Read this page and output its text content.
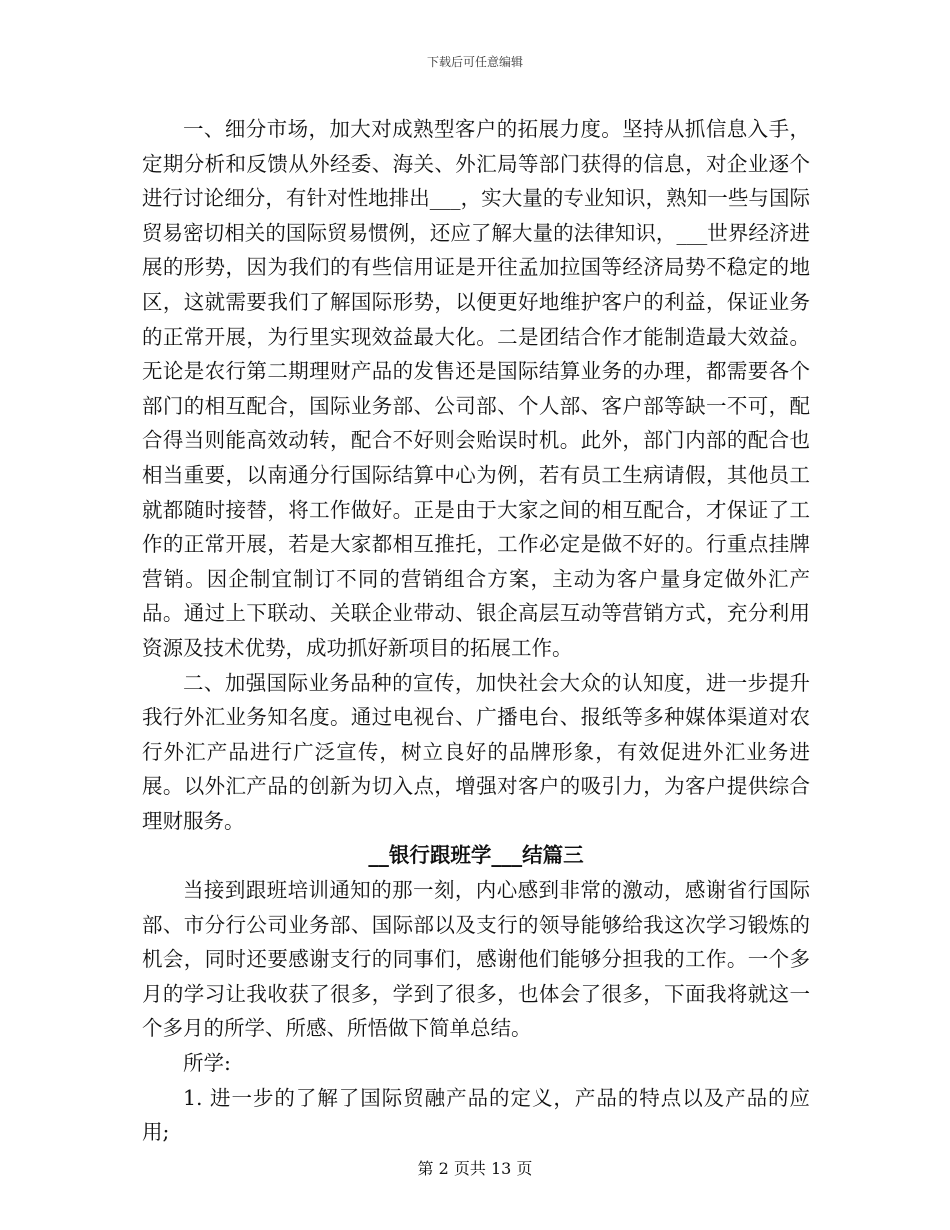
下载后可任意编辑

一、细分市场，加大对成熟型客户的拓展力度。坚持从抓信息入手，定期分析和反馈从外经委、海关、外汇局等部门获得的信息，对企业逐个进行讨论细分，有针对性地排出___，实大量的专业知识，熟知一些与国际贸易密切相关的国际贸易惯例，还应了解大量的法律知识，___世界经济进展的形势，因为我们的有些信用证是开往孟加拉国等经济局势不稳定的地区，这就需要我们了解国际形势，以便更好地维护客户的利益，保证业务的正常开展，为行里实现效益最大化。二是团结合作才能制造最大效益。无论是农行第二期理财产品的发售还是国际结算业务的办理，都需要各个部门的相互配合，国际业务部、公司部、个人部、客户部等缺一不可，配合得当则能高效动转，配合不好则会贻误时机。此外，部门内部的配合也相当重要，以南通分行国际结算中心为例，若有员工生病请假，其他员工就都随时接替，将工作做好。正是由于大家之间的相互配合，才保证了工作的正常开展，若是大家都相互推托，工作必定是做不好的。行重点挂牌营销。因企制宜制订不同的营销组合方案，主动为客户量身定做外汇产品。通过上下联动、关联企业带动、银企高层互动等营销方式，充分利用资源及技术优势，成功抓好新项目的拓展工作。

二、加强国际业务品种的宣传，加快社会大众的认知度，进一步提升我行外汇业务知名度。通过电视台、广播电台、报纸等多种媒体渠道对农行外汇产品进行广泛宣传，树立良好的品牌形象，有效促进外汇业务进展。以外汇产品的创新为切入点，增强对客户的吸引力，为客户提供综合理财服务。

__银行跟班学___结篇三

当接到跟班培训通知的那一刻，内心感到非常的激动，感谢省行国际部、市分行公司业务部、国际部以及支行的领导能够给我这次学习锻炼的机会，同时还要感谢支行的同事们，感谢他们能够分担我的工作。一个多月的学习让我收获了很多，学到了很多，也体会了很多，下面我将就这一个多月的所学、所感、所悟做下简单总结。

所学:

1. 进一步的了解了国际贸融产品的定义，产品的特点以及产品的应用;

第 2 页共 13 页
